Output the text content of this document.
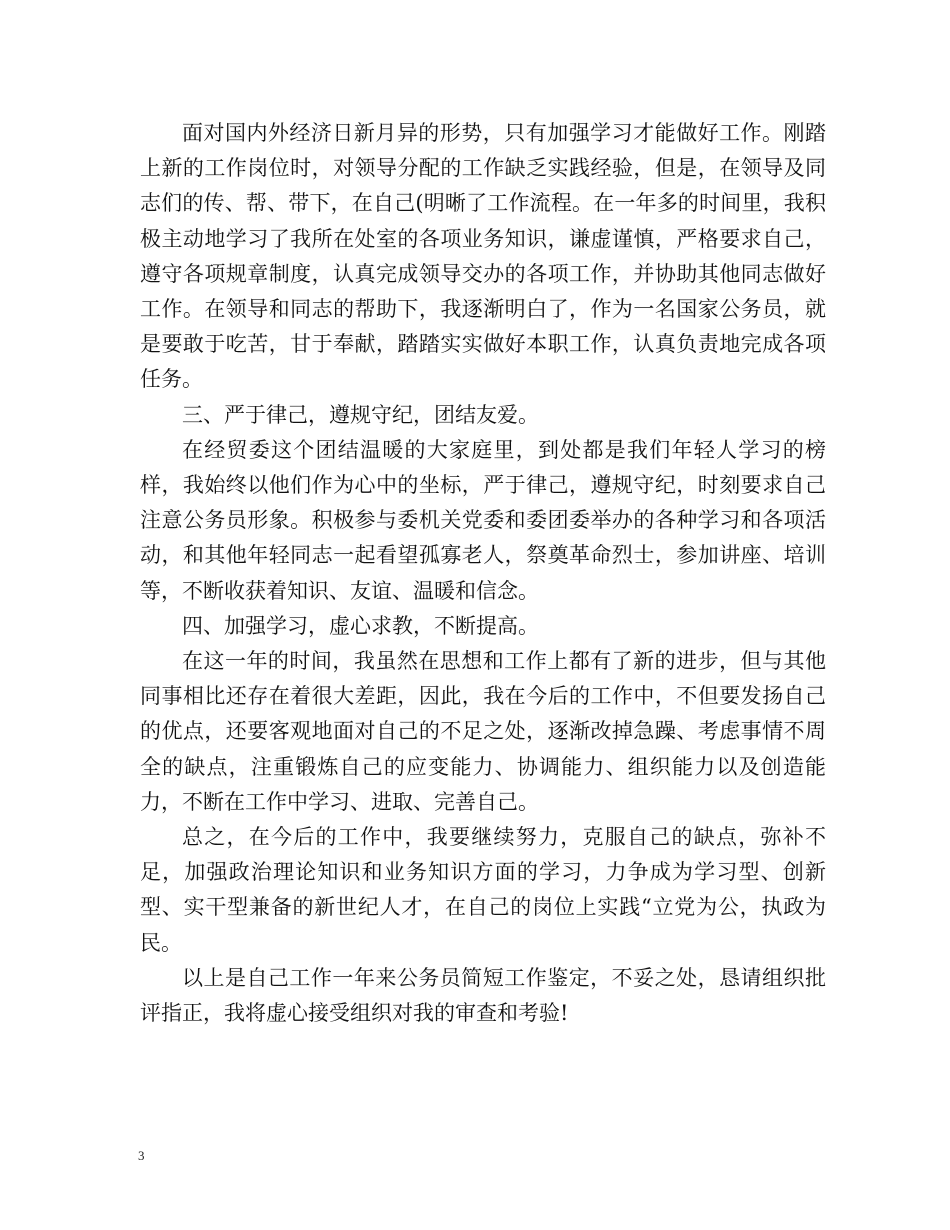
面对国内外经济日新月异的形势，只有加强学习才能做好工作。刚踏上新的工作岗位时，对领导分配的工作缺乏实践经验，但是，在领导及同志们的传、帮、带下，在自己(明晰了工作流程。在一年多的时间里，我积极主动地学习了我所在处室的各项业务知识，谦虚谨慎，严格要求自己，遵守各项规章制度，认真完成领导交办的各项工作，并协助其他同志做好工作。在领导和同志的帮助下，我逐渐明白了，作为一名国家公务员，就是要敢于吃苦，甘于奉献，踏踏实实做好本职工作，认真负责地完成各项任务。

三、严于律己，遵规守纪，团结友爱。

在经贸委这个团结温暖的大家庭里，到处都是我们年轻人学习的榜样，我始终以他们作为心中的坐标，严于律己，遵规守纪，时刻要求自己注意公务员形象。积极参与委机关党委和委团委举办的各种学习和各项活动，和其他年轻同志一起看望孤寡老人，祭奠革命烈士，参加讲座、培训等，不断收获着知识、友谊、温暖和信念。

四、加强学习，虚心求教，不断提高。

在这一年的时间，我虽然在思想和工作上都有了新的进步，但与其他同事相比还存在着很大差距，因此，我在今后的工作中，不但要发扬自己的优点，还要客观地面对自己的不足之处，逐渐改掉急躁、考虑事情不周全的缺点，注重锻炼自己的应变能力、协调能力、组织能力以及创造能力，不断在工作中学习、进取、完善自己。

总之，在今后的工作中，我要继续努力，克服自己的缺点，弥补不足，加强政治理论知识和业务知识方面的学习，力争成为学习型、创新型、实干型兼备的新世纪人才，在自己的岗位上实践“立党为公，执政为民。

以上是自己工作一年来公务员简短工作鉴定，不妥之处，恳请组织批评指正，我将虚心接受组织对我的审查和考验!

3
